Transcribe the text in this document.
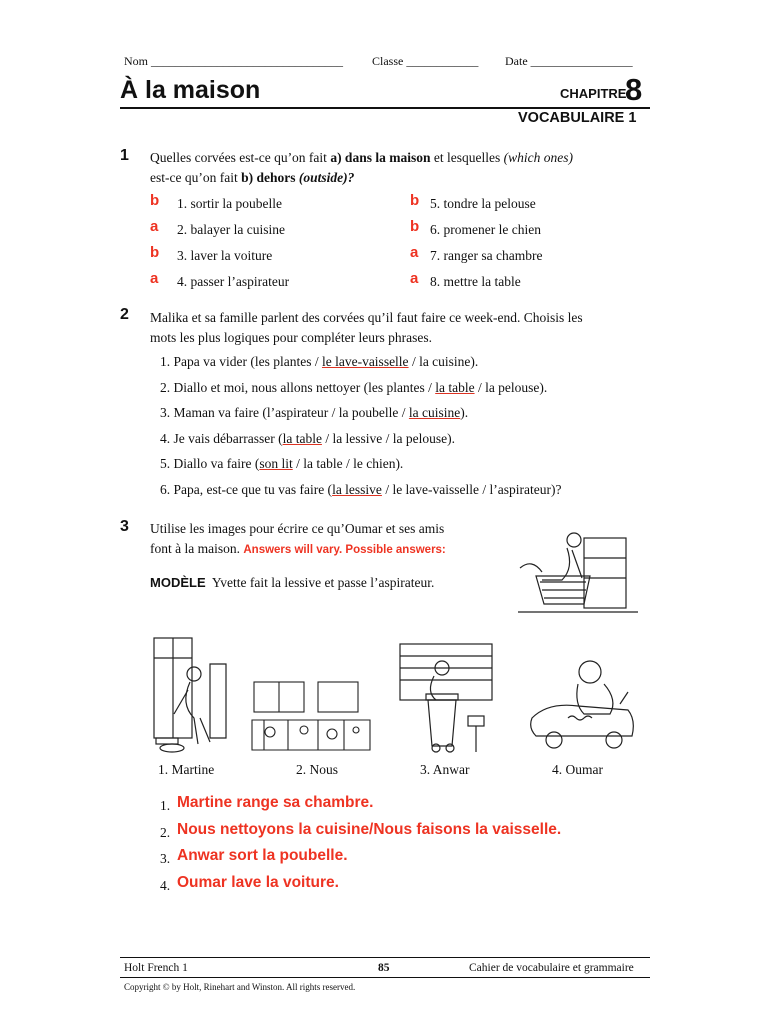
Nom ________________________________ Classe ____________ Date _________________
À la maison	CHAPITRE
8
VOCABULAIRE 1
1 Quelles corvées est-ce qu’on fait a) dans la maison et lesquelles (which ones)
est-ce qu’on fait b) dehors (outside)?
b 1. sortir la poubelle
a 2. balayer la cuisine
b 3. laver la voiture
a 4. passer l’aspirateur
b 5. tondre la pelouse
b 6. promener le chien
a 7. ranger sa chambre
a 8. mettre la table
2 Malika et sa famille parlent des corvées qu’il faut faire ce week-end. Choisis les
mots les plus logiques pour compléter leurs phrases.
1. Papa va vider (les plantes / le lave-vaisselle / la cuisine).
2. Diallo et moi, nous allons nettoyer (les plantes / la table / la pelouse).
3. Maman va faire (l’aspirateur / la poubelle / la cuisine).
4. Je vais débarrasser (la table / la lessive / la pelouse).
5. Diallo va faire (son lit / la table / le chien).
6. Papa, est-ce que tu vas faire (la lessive / le lave-vaisselle / l’aspirateur)?
3 Utilise les images pour écrire ce qu’Oumar et ses amis
font à la maison. Answers will vary. Possible answers:
MODÈLE Yvette fait la lessive et passe l’aspirateur.
1. Martine	2. Nous	3. Anwar	4. Oumar
1. Martine range sa chambre.
2. Nous nettoyons la cuisine/Nous faisons la vaisselle.
3. Anwar sort la poubelle.
4. Oumar lave la voiture.
Holt French 1	85	Cahier de vocabulaire et grammaire
Copyright © by Holt, Rinehart and Winston. All rights reserved.
